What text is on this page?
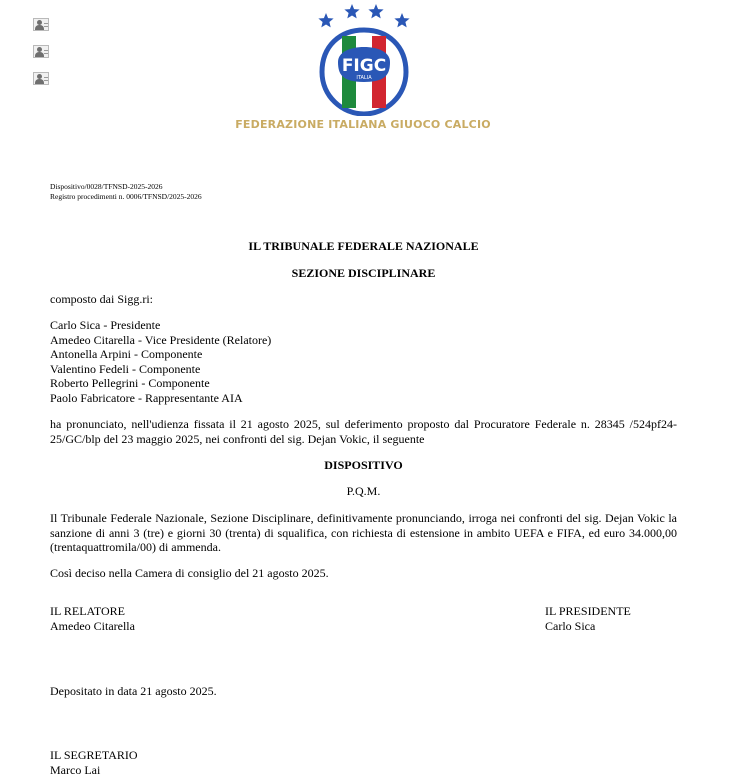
FIGC
ITALIA
FEDERAZIONE ITALIANA GIUOCO CALCIO
Dispositivo/0028/TFNSD-2025-2026
Registro procedimenti n. 0006/TFNSD/2025-2026
IL TRIBUNALE FEDERALE NAZIONALE
SEZIONE DISCIPLINARE
composto dai Sigg.ri:
Carlo Sica - Presidente
Amedeo Citarella - Vice Presidente (Relatore)
Antonella Arpini - Componente
Valentino Fedeli - Componente
Roberto Pellegrini - Componente
Paolo Fabricatore - Rappresentante AIA
ha pronunciato, nell'udienza fissata il 21 agosto 2025, sul deferimento proposto dal Procuratore Federale n. 28345 /524pf24-25/GC/blp del 23 maggio 2025, nei confronti del sig. Dejan Vokic, il seguente
DISPOSITIVO
P.Q.M.
Il Tribunale Federale Nazionale, Sezione Disciplinare, definitivamente pronunciando, irroga nei confronti del sig. Dejan Vokic la sanzione di anni 3 (tre) e giorni 30 (trenta) di squalifica, con richiesta di estensione in ambito UEFA e FIFA, ed euro 34.000,00 (trentaquattromila/00) di ammenda.
Così deciso nella Camera di consiglio del 21 agosto 2025.
IL RELATORE
Amedeo Citarella
IL PRESIDENTE
Carlo Sica
Depositato in data 21 agosto 2025.
IL SEGRETARIO
Marco Lai
